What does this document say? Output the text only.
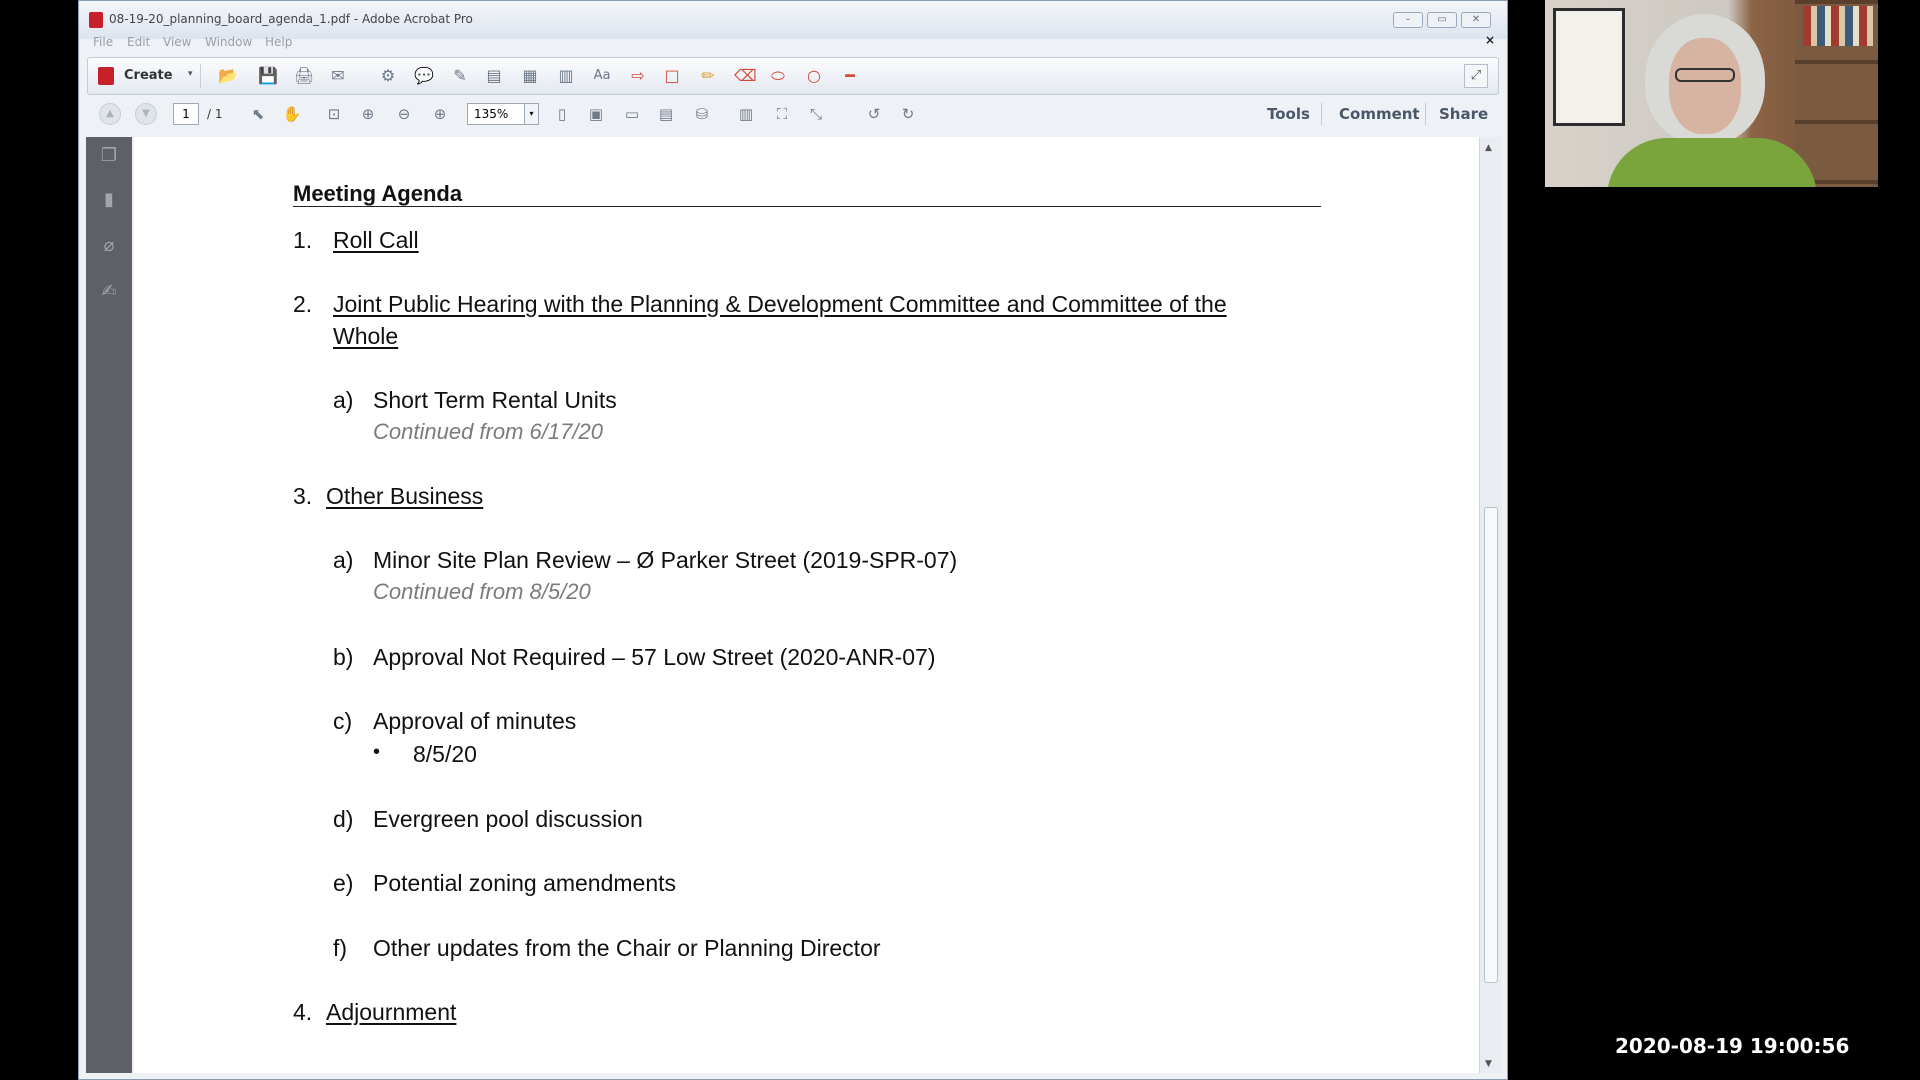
08-19-20_planning_board_agenda_1.pdf - Adobe Acrobat Pro	–	▭	✕
File Edit View Window Help	×
Create ▾ 📂 💾 🖨 ✉ ⚙ 💬 ✎ ▤ ▦ ▥ Aa ⇨ □ ✏ ⌫ ⬭ ○	━	⤢
▲	▼	1	/ 1	⬉	✋	⊡	⊕	⊖	⊕	135%	▾	▯	▣ ▭ ▤	⛁	▥	⛶	⤡	↺	↻	Tools Comment Share
❐
▮
⌀
✍
Meeting Agenda
1. Roll Call
2. Joint Public Hearing with the Planning & Development Committee and Committee of the
Whole
a) Short Term Rental Units
Continued from 6/17/20
3. Other Business
a) Minor Site Plan Review – Ø Parker Street (2019-SPR-07)
Continued from 8/5/20
b) Approval Not Required – 57 Low Street (2020-ANR-07)
c) Approval of minutes
• 8/5/20
d) Evergreen pool discussion
e) Potential zoning amendments
f) Other updates from the Chair or Planning Director
4. Adjournment
▲
▼
2020-08-19 19:00:56
